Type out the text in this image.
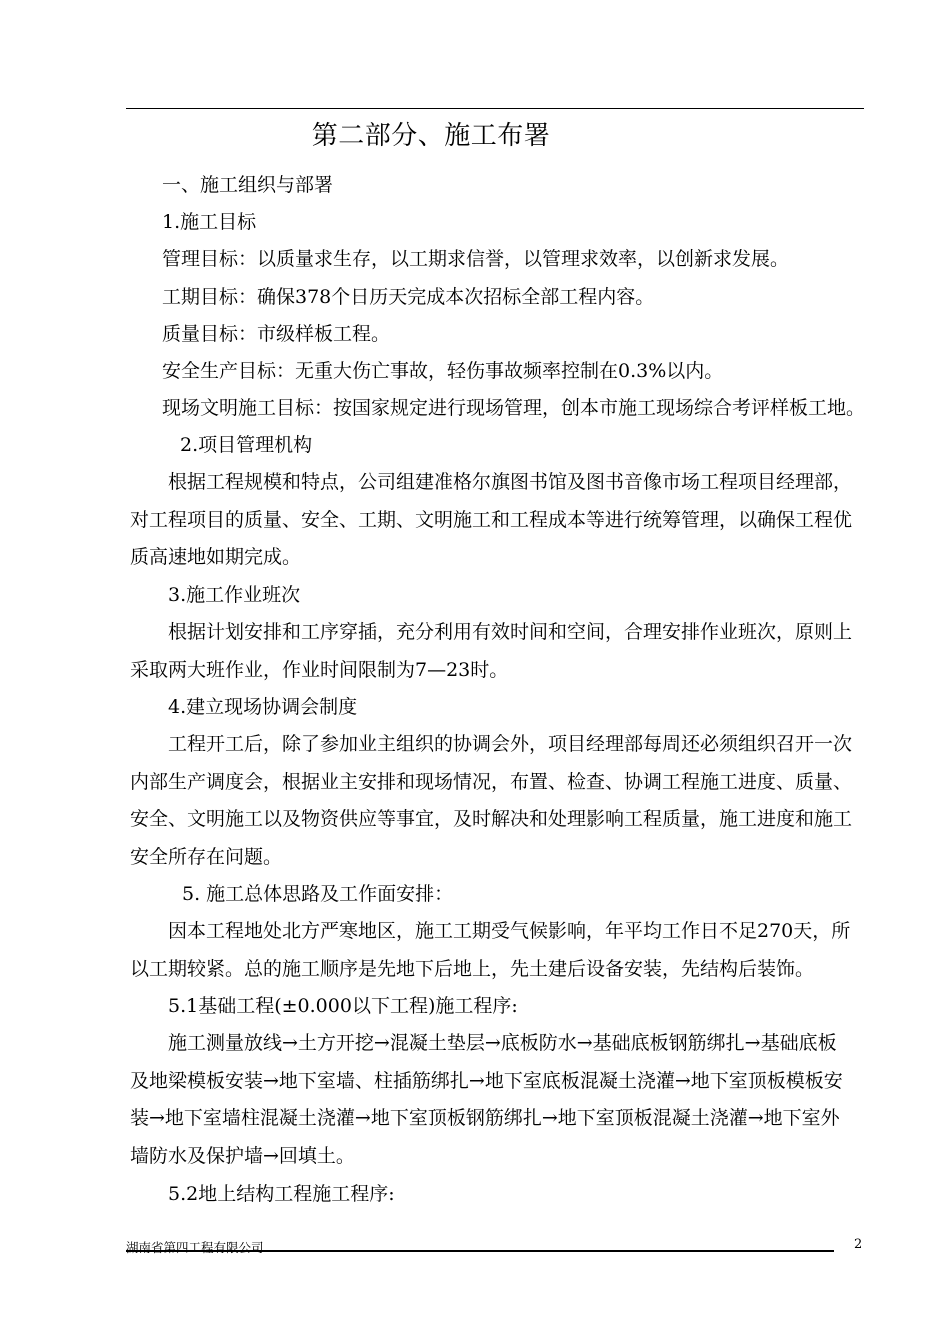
第二部分、施工布署
一、施工组织与部署
1.施工目标
管理目标：以质量求生存，以工期求信誉，以管理求效率，以创新求发展。
工期目标：确保378个日历天完成本次招标全部工程内容。
质量目标：市级样板工程。
安全生产目标：无重大伤亡事故，轻伤事故频率控制在0.3%以内。
现场文明施工目标：按国家规定进行现场管理，创本市施工现场综合考评样板工地。
2.项目管理机构
根据工程规模和特点，公司组建准格尔旗图书馆及图书音像市场工程项目经理部，
对工程项目的质量、安全、工期、文明施工和工程成本等进行统筹管理，以确保工程优
质高速地如期完成。
3.施工作业班次
根据计划安排和工序穿插，充分利用有效时间和空间，合理安排作业班次，原则上
采取两大班作业，作业时间限制为7—23时。
4.建立现场协调会制度
工程开工后，除了参加业主组织的协调会外，项目经理部每周还必须组织召开一次
内部生产调度会，根据业主安排和现场情况，布置、检查、协调工程施工进度、质量、
安全、文明施工以及物资供应等事宜，及时解决和处理影响工程质量，施工进度和施工
安全所存在问题。
5. 施工总体思路及工作面安排：
因本工程地处北方严寒地区，施工工期受气候影响，年平均工作日不足270天，所
以工期较紧。总的施工顺序是先地下后地上，先土建后设备安装，先结构后装饰。
5.1基础工程(±0.000以下工程)施工程序:
施工测量放线→土方开挖→混凝土垫层→底板防水→基础底板钢筋绑扎→基础底板
及地梁模板安装→地下室墙、柱插筋绑扎→地下室底板混凝土浇灌→地下室顶板模板安
装→地下室墙柱混凝土浇灌→地下室顶板钢筋绑扎→地下室顶板混凝土浇灌→地下室外
墙防水及保护墙→回填土。
5.2地上结构工程施工程序:
湖南省第四工程有限公司	2
